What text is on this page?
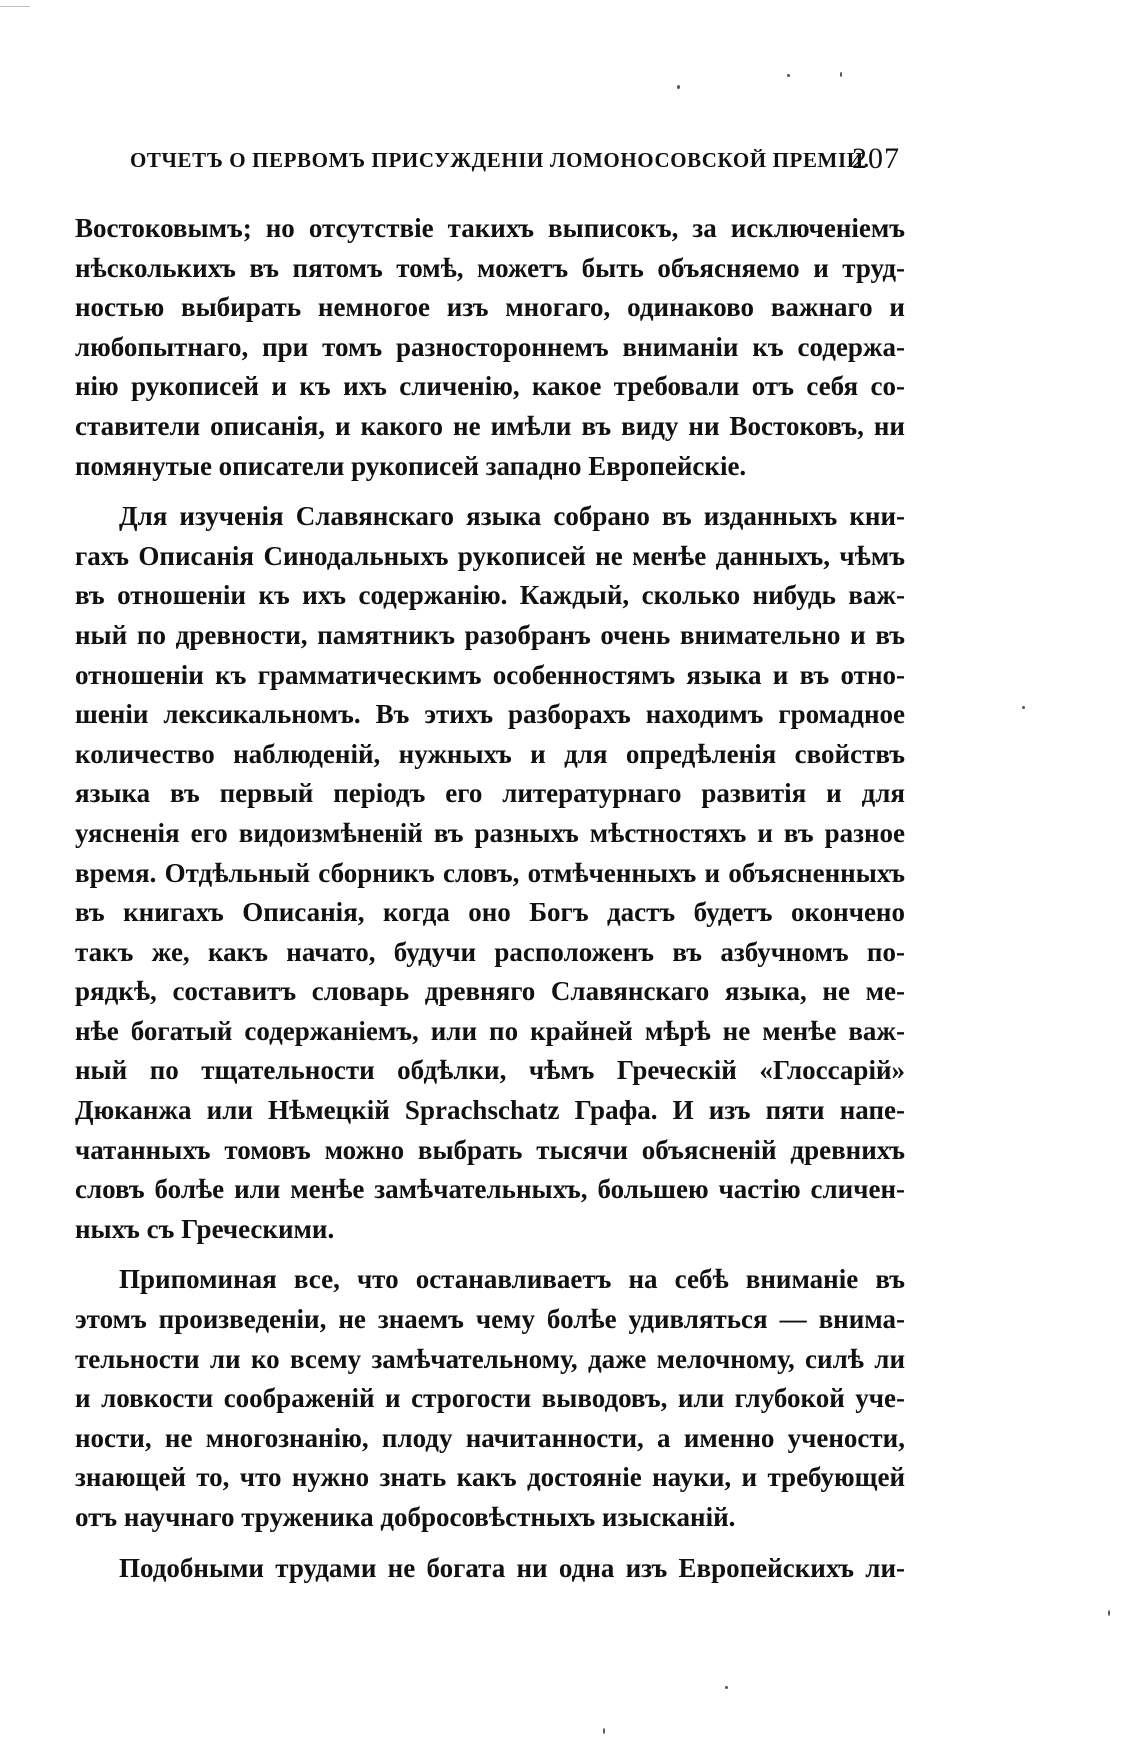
ОТЧЕТЪ О ПЕРВОМЪ ПРИСУЖДЕНIИ ЛОМОНОСОВСКОЙ ПРЕМIИ.
207
Востоковымъ; но отсутствiе такихъ выписокъ, за исключенiемъ
нѣсколькихъ въ пятомъ томѣ, можетъ быть объясняемо и труд-
ностью выбирать немногое изъ многаго, одинаково важнаго и
любопытнаго, при томъ разностороннемъ вниманiи къ содержа-
нiю рукописей и къ ихъ сличенiю, какое требовали отъ себя со-
ставители описанiя, и какого не имѣли въ виду ни Востоковъ, ни
помянутые описатели рукописей западно Европейскiе.
Для изученiя Славянскаго языка собрано въ изданныхъ кни-
гахъ Описанiя Синодальныхъ рукописей не менѣе данныхъ, чѣмъ
въ отношенiи къ ихъ содержанiю. Каждый, сколько нибудь важ-
ный по древности, памятникъ разобранъ очень внимательно и въ
отношенiи къ грамматическимъ особенностямъ языка и въ отно-
шенiи лексикальномъ. Въ этихъ разборахъ находимъ громадное
количество наблюденiй, нужныхъ и для опредѣленiя свойствъ
языка въ первый перiодъ его литературнаго развитiя и для
уясненiя его видоизмѣненiй въ разныхъ мѣстностяхъ и въ разное
время. Отдѣльный сборникъ словъ, отмѣченныхъ и объясненныхъ
въ книгахъ Описанiя, когда оно Богъ дастъ будетъ окончено
такъ же, какъ начато, будучи расположенъ въ азбучномъ по-
рядкѣ, составитъ словарь древняго Славянскаго языка, не ме-
нѣе богатый содержанiемъ, или по крайней мѣрѣ не менѣе важ-
ный по тщательности обдѣлки, чѣмъ Греческiй «Глоссарiй»
Дюканжа или Нѣмецкiй Sprachschatz Графа. И изъ пяти напе-
чатанныхъ томовъ можно выбрать тысячи объясненiй древнихъ
словъ болѣе или менѣе замѣчательныхъ, большею частiю сличен-
ныхъ съ Греческими.
Припоминая все, что останавливаетъ на себѣ вниманiе въ
этомъ произведенiи, не знаемъ чему болѣе удивляться — внима-
тельности ли ко всему замѣчательному, даже мелочному, силѣ ли
и ловкости соображенiй и строгости выводовъ, или глубокой уче-
ности, не многознанiю, плоду начитанности, а именно учености,
знающей то, что нужно знать какъ достоянiе науки, и требующей
отъ научнаго труженика добросовѣстныхъ изысканiй.
Подобными трудами не богата ни одна изъ Европейскихъ ли-
